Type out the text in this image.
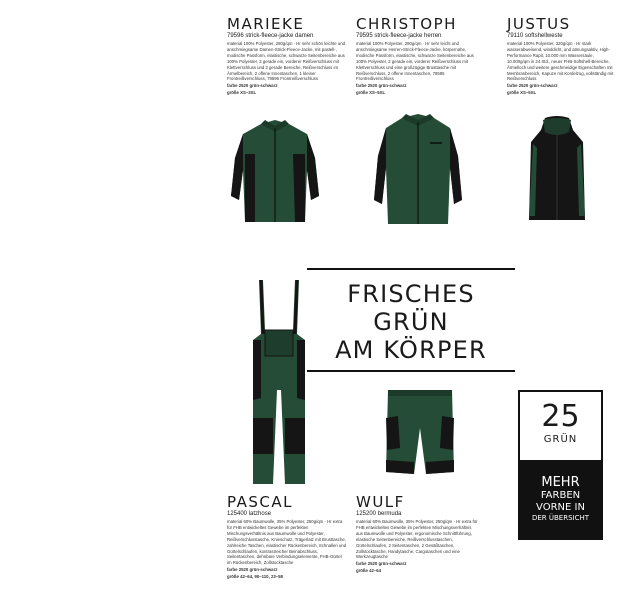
MARIEKE
79596 strick-fleece-jacke damen
material 100% Polyester, 280g/qm · Hr sehr schön leichte und anschmiegsame Damen-Strick-Fleece-Jacke, mit pastell-, modische Passform, elastische, schwarze Seitenbereiche aus 100% Polyester, 2 gerade ein, vorderer Reißverschluss mit Klettverschluss und 2 gerade Bereiche, Reißverschluss im Ärmelbereich, 2 offene Innentaschen, 1 kleiner Frontreißverschluss, 79596 Frontreißverschluss
farbe 2520 grün-schwarz
größe XS–3XL
CHRISTOPH
79595 strick-fleece-jacke herren
material 100% Polyester, 280g/qm · Hr sehr leicht und anschmiegsame Herren-Strick-Fleece-Jacke, körpernahe, modische Passform, elastische, schwarze Seitenbereiche aus 100% Polyester, 2 gerade ein, vorderer Reißverschluss mit Klettverschluss und eine großzügige Brusttasche mit Reißverschluss, 2 offene Innentaschen, 79595 Frontreißverschluss
farbe 2520 grün-schwarz
größe XS–5XL
JUSTUS
79110 softshellweste
material 100% Polyester, 320g/qm · Hr stark wasserabweisend, winddicht, und atmungsaktiv, High-Performance Rapit, 10.000 mm Wassersäule, 10.000g/qm in 24 Std., neuer FHB-Softshell-Bereiche, Ärmelloch und weitere geschmeidige Eigenschaften mit Membranbereich, Kapuze mit Kordelzug, vollständig mit Reißverschluss
farbe 2520 grün-schwarz
größe XS–5XL
PASCAL
125400 latzhose
material 60% Baumwolle, 35% Polyester, 250g/qm · Hr extra für FHB entwickeltes Gewebe im perfekten Mischungsverhältnis aus Baumwolle und Polyester, Reißverschlusstasche, Knieschutz, Trägerlatz mit Brusttasche, zahlreiche Taschen, elastischer Rückenbereich, Schnallen und Gürtelschlaufen, kontrastreicher Beinabschluss, Seitentaschen, dehnbare Verbindungselemente, FHB-Gürtel im Rückenbereich, Zollstocktasche
farbe 2520 grün-schwarz
größe 42–64, 90–110, 23–58
WULF
125200 bermuda
material 60% Baumwolle, 35% Polyester, 250g/qm · Hr extra für FHB entwickeltes Gewebe im perfekten Mischungsverhältnis aus Baumwolle und Polyester, ergonomische Schnittführung, elastische Seitenbereiche, Reißverschlusstaschen, Gürtelschlaufen, 2 Seitentaschen, 2 Gesäßtaschen, Zollstocktasche, Handytasche, Cargotaschen und eine Werkzeugtasche
farbe 2520 grün-schwarz
größe 42–64
FRISCHES GRÜN
AM KÖRPER
25
GRÜN
MEHR
FARBEN
VORNE IN
DER ÜBERSICHT
